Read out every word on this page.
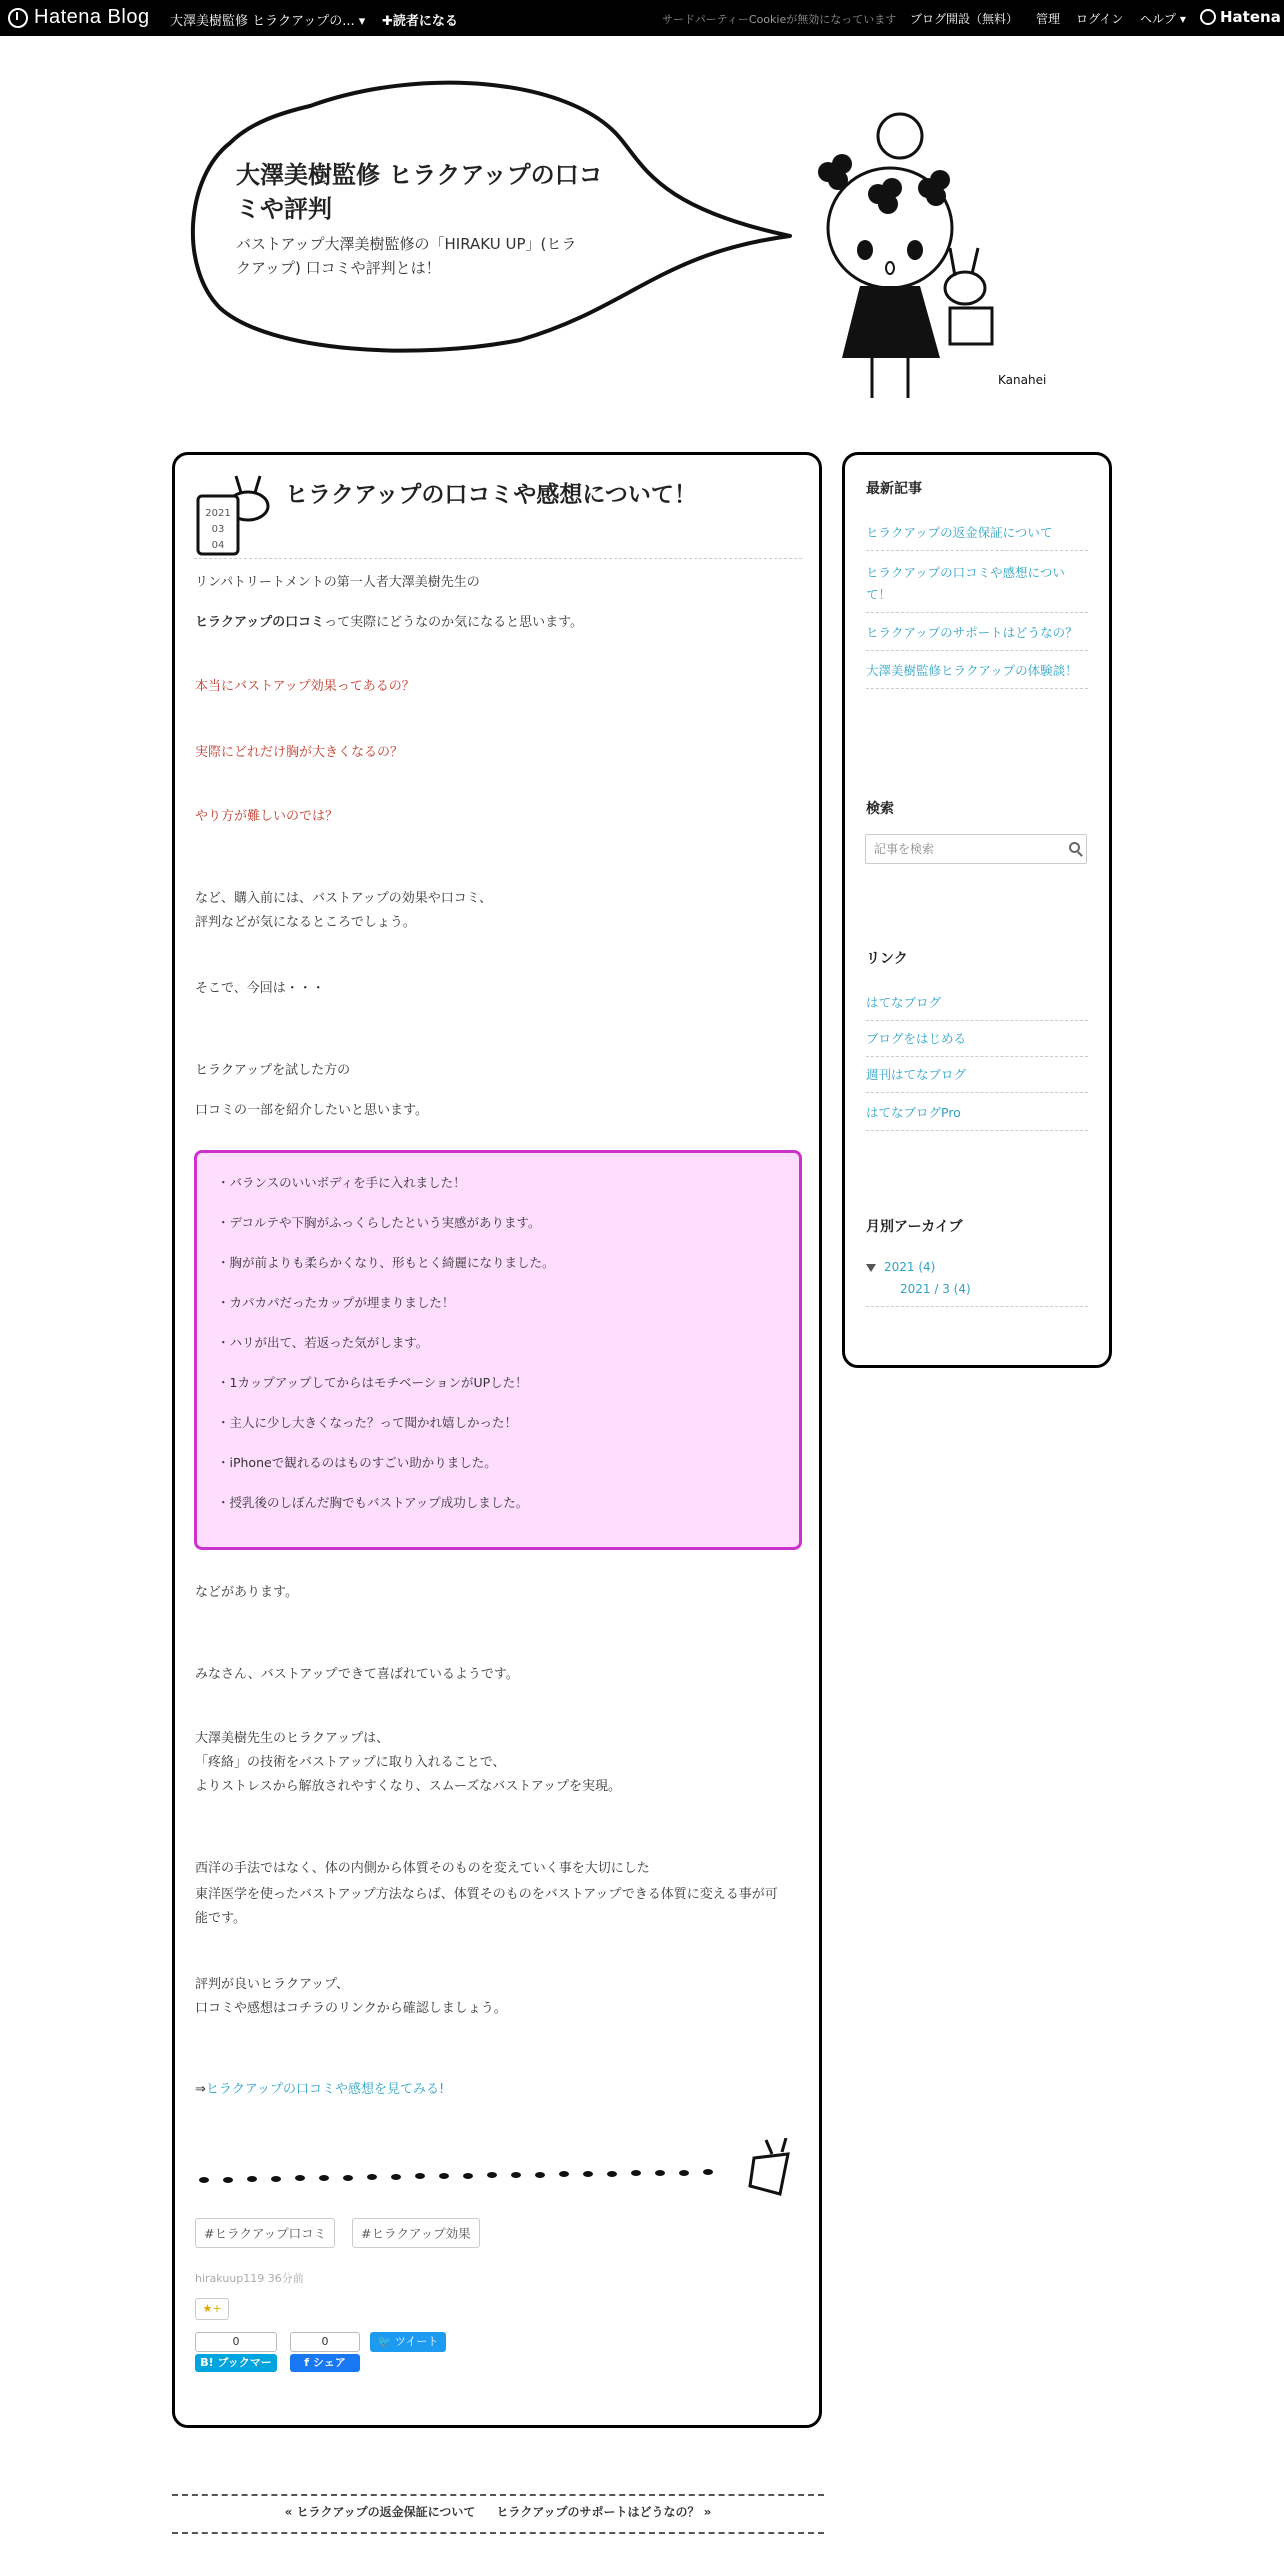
Hatena Blog 大澤美樹監修 ヒラクアップの... ▾ ✚読者になる	サードパーティーCookieが無効になっています ブログ開設（無料） 管理 ログイン ヘルプ ▾ Hatena
大澤美樹監修 ヒラクアップの口コミや評判
バストアップ大澤美樹監修の「HIRAKU UP」(ヒラクアップ) 口コミや評判とは！
Kanahei
2021
03
04
ヒラクアップの口コミや感想について！
リンパトリートメントの第一人者大澤美樹先生の
ヒラクアップの口コミって実際にどうなのか気になると思います。
本当にバストアップ効果ってあるの？
実際にどれだけ胸が大きくなるの？
やり方が難しいのでは？
など、購入前には、バストアップの効果や口コミ、
評判などが気になるところでしょう。
そこで、今回は・・・
ヒラクアップを試した方の
口コミの一部を紹介したいと思います。
・バランスのいいボディを手に入れました！
・デコルテや下胸がふっくらしたという実感があります。
・胸が前よりも柔らかくなり、形もとく綺麗になりました。
・カパカパだったカップが埋まりました！
・ハリが出て、若返った気がします。
・1カップアップしてからはモチベーションがUPした！
・主人に少し大きくなった？って聞かれ嬉しかった！
・iPhoneで観れるのはものすごい助かりました。
・授乳後のしぼんだ胸でもバストアップ成功しました。
などがあります。
みなさん、バストアップできて喜ばれているようです。
大澤美樹先生のヒラクアップは、
「疼絡」の技術をバストアップに取り入れることで、
よりストレスから解放されやすくなり、スムーズなバストアップを実現。
西洋の手法ではなく、体の内側から体質そのものを変えていく事を大切にした
東洋医学を使ったバストアップ方法ならば、体質そのものをバストアップできる体質に変える事が可
能です。
評判が良いヒラクアップ、
口コミや感想はコチラのリンクから確認しましょう。
⇒ヒラクアップの口コミや感想を見てみる!
#ヒラクアップ口コミ	#ヒラクアップ効果
hirakuup119 36分前
★+
0
B! ブックマーク
0
f シェア
🐦 ツイート
« ヒラクアップの返金保証について ヒラクアップのサポートはどうなの？ »
最新記事
ヒラクアップの返金保証について
ヒラクアップの口コミや感想について！
ヒラクアップのサポートはどうなの？
大澤美樹監修ヒラクアップの体験談！
検索
記事を検索
リンク
はてなブログ
ブログをはじめる
週刊はてなブログ
はてなブログPro
月別アーカイブ
2021 (4)
2021 / 3 (4)
